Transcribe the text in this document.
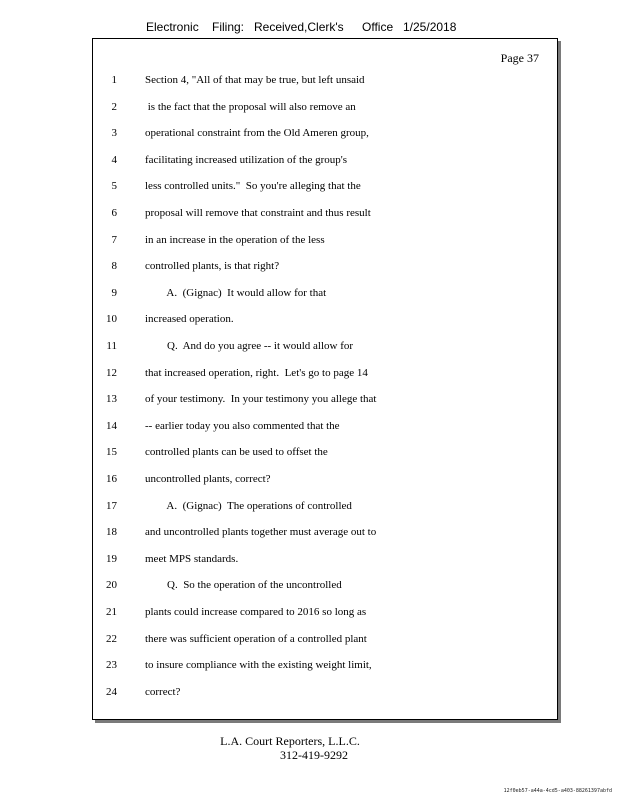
Electronic Filing: Received,Clerk's Office 1/25/2018
Page 37
1	Section 4, "All of that may be true, but left unsaid
2	is the fact that the proposal will also remove an
3	operational constraint from the Old Ameren group,
4	facilitating increased utilization of the group's
5	less controlled units."  So you're alleging that the
6	proposal will remove that constraint and thus result
7	in an increase in the operation of the less
8	controlled plants, is that right?
9	A.  (Gignac)  It would allow for that
10	increased operation.
11	Q.  And do you agree -- it would allow for
12	that increased operation, right.  Let's go to page 14
13	of your testimony.  In your testimony you allege that
14	-- earlier today you also commented that the
15	controlled plants can be used to offset the
16	uncontrolled plants, correct?
17	A.  (Gignac)  The operations of controlled
18	and uncontrolled plants together must average out to
19	meet MPS standards.
20	Q.  So the operation of the uncontrolled
21	plants could increase compared to 2016 so long as
22	there was sufficient operation of a controlled plant
23	to insure compliance with the existing weight limit,
24	correct?
L.A. Court Reporters, L.L.C.
312-419-9292
12f0eb57-a44a-4cd5-a403-88261397abfd
